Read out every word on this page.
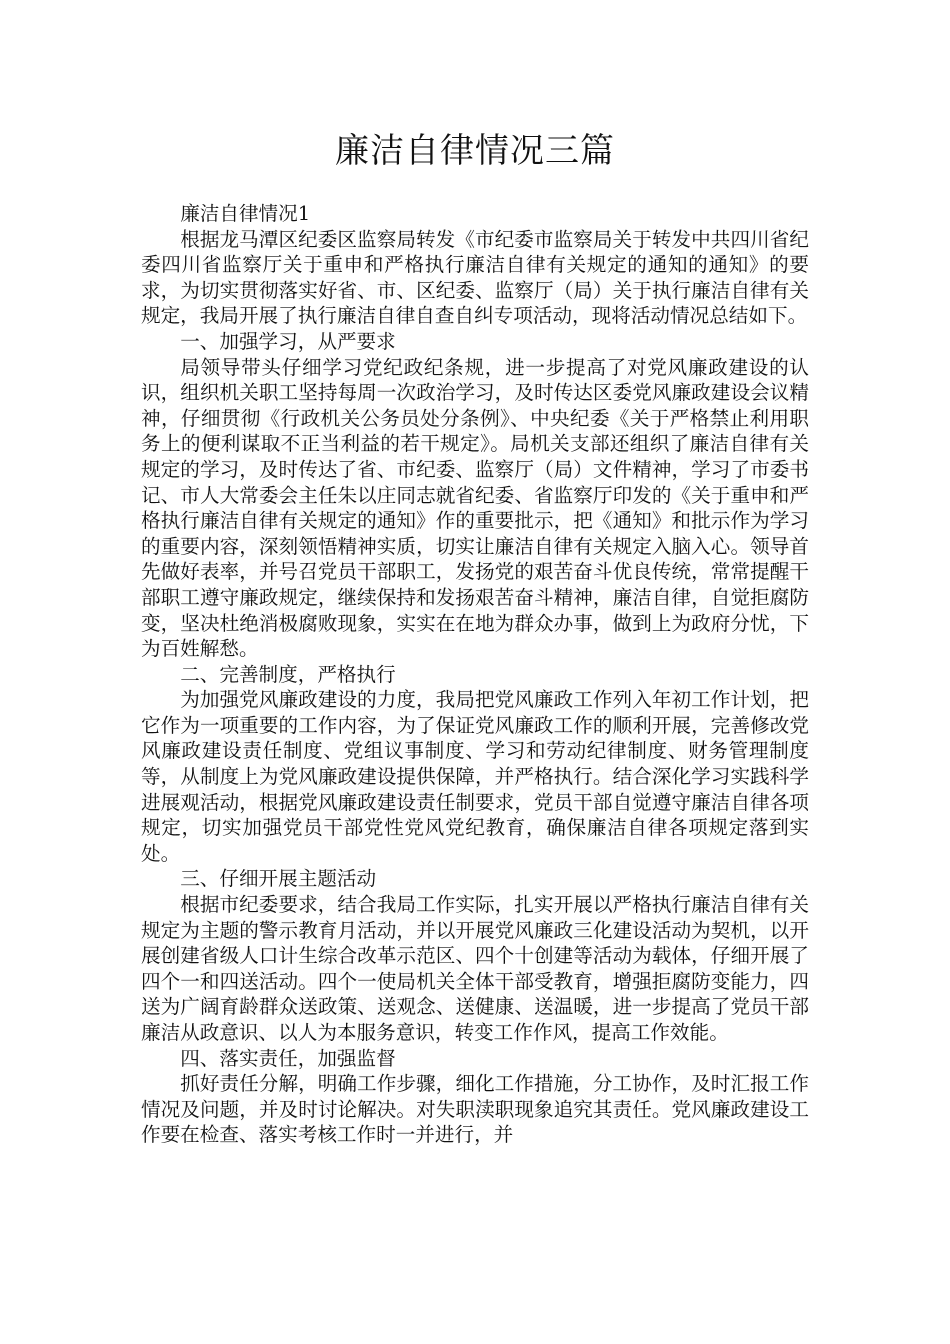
廉洁自律情况三篇

廉洁自律情况1

根据龙马潭区纪委区监察局转发《市纪委市监察局关于转发中共四川省纪委四川省监察厅关于重申和严格执行廉洁自律有关规定的通知的通知》的要求，为切实贯彻落实好省、市、区纪委、监察厅（局）关于执行廉洁自律有关规定，我局开展了执行廉洁自律自查自纠专项活动，现将活动情况总结如下。

一、加强学习，从严要求

局领导带头仔细学习党纪政纪条规，进一步提高了对党风廉政建设的认识，组织机关职工坚持每周一次政治学习，及时传达区委党风廉政建设会议精神，仔细贯彻《行政机关公务员处分条例》、中央纪委《关于严格禁止利用职务上的便利谋取不正当利益的若干规定》。局机关支部还组织了廉洁自律有关规定的学习，及时传达了省、市纪委、监察厅（局）文件精神，学习了市委书记、市人大常委会主任朱以庄同志就省纪委、省监察厅印发的《关于重申和严格执行廉洁自律有关规定的通知》作的重要批示，把《通知》和批示作为学习的重要内容，深刻领悟精神实质，切实让廉洁自律有关规定入脑入心。领导首先做好表率，并号召党员干部职工，发扬党的艰苦奋斗优良传统，常常提醒干部职工遵守廉政规定，继续保持和发扬艰苦奋斗精神，廉洁自律，自觉拒腐防变，坚决杜绝消极腐败现象，实实在在地为群众办事，做到上为政府分忧，下为百姓解愁。

二、完善制度，严格执行

为加强党风廉政建设的力度，我局把党风廉政工作列入年初工作计划，把它作为一项重要的工作内容，为了保证党风廉政工作的顺利开展，完善修改党风廉政建设责任制度、党组议事制度、学习和劳动纪律制度、财务管理制度等，从制度上为党风廉政建设提供保障，并严格执行。结合深化学习实践科学进展观活动，根据党风廉政建设责任制要求，党员干部自觉遵守廉洁自律各项规定，切实加强党员干部党性党风党纪教育，确保廉洁自律各项规定落到实处。

三、仔细开展主题活动

根据市纪委要求，结合我局工作实际，扎实开展以严格执行廉洁自律有关规定为主题的警示教育月活动，并以开展党风廉政三化建设活动为契机，以开展创建省级人口计生综合改革示范区、四个十创建等活动为载体，仔细开展了四个一和四送活动。四个一使局机关全体干部受教育，增强拒腐防变能力，四送为广阔育龄群众送政策、送观念、送健康、送温暖，进一步提高了党员干部廉洁从政意识、以人为本服务意识，转变工作作风，提高工作效能。

四、落实责任，加强监督

抓好责任分解，明确工作步骤，细化工作措施，分工协作，及时汇报工作情况及问题，并及时讨论解决。对失职渎职现象追究其责任。党风廉政建设工作要在检查、落实考核工作时一并进行，并
